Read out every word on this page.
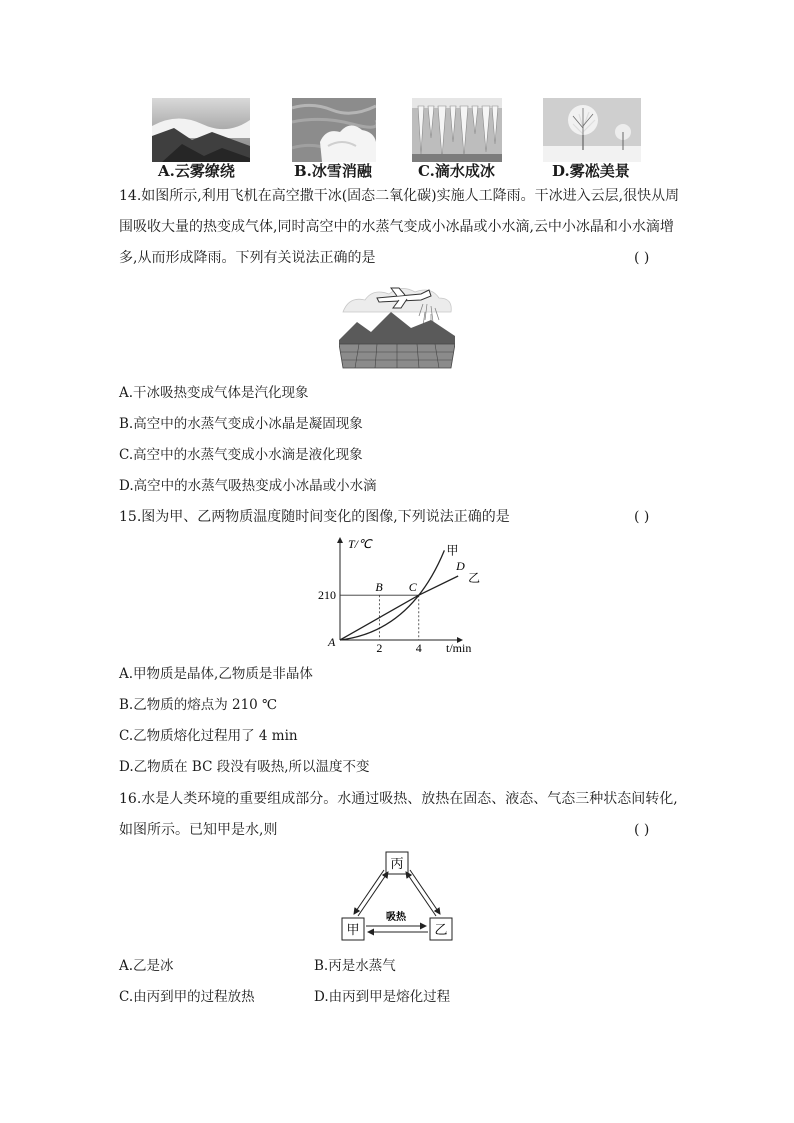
A.云雾缭绕	B.冰雪消融	C.滴水成冰	D.雾凇美景
14.如图所示,利用飞机在高空撒干冰(固态二氧化碳)实施人工降雨。干冰进入云层,很快从周
围吸收大量的热变成气体,同时高空中的水蒸气变成小冰晶或小水滴,云中小冰晶和小水滴增
多,从而形成降雨。下列有关说法正确的是	( )
A.干冰吸热变成气体是汽化现象
B.高空中的水蒸气变成小冰晶是凝固现象
C.高空中的水蒸气变成小水滴是液化现象
D.高空中的水蒸气吸热变成小冰晶或小水滴
15.图为甲、乙两物质温度随时间变化的图像,下列说法正确的是	( )
T/℃
t/min
210
2	4
A
B C
D
甲
乙
A.甲物质是晶体,乙物质是非晶体
B.乙物质的熔点为 210 ℃
C.乙物质熔化过程用了 4 min
D.乙物质在 BC 段没有吸热,所以温度不变
16.水是人类环境的重要组成部分。水通过吸热、放热在固态、液态、气态三种状态间转化,
如图所示。已知甲是水,则	( )
丙
甲	乙
吸热
A.乙是冰	B.丙是水蒸气
C.由丙到甲的过程放热	D.由丙到甲是熔化过程
